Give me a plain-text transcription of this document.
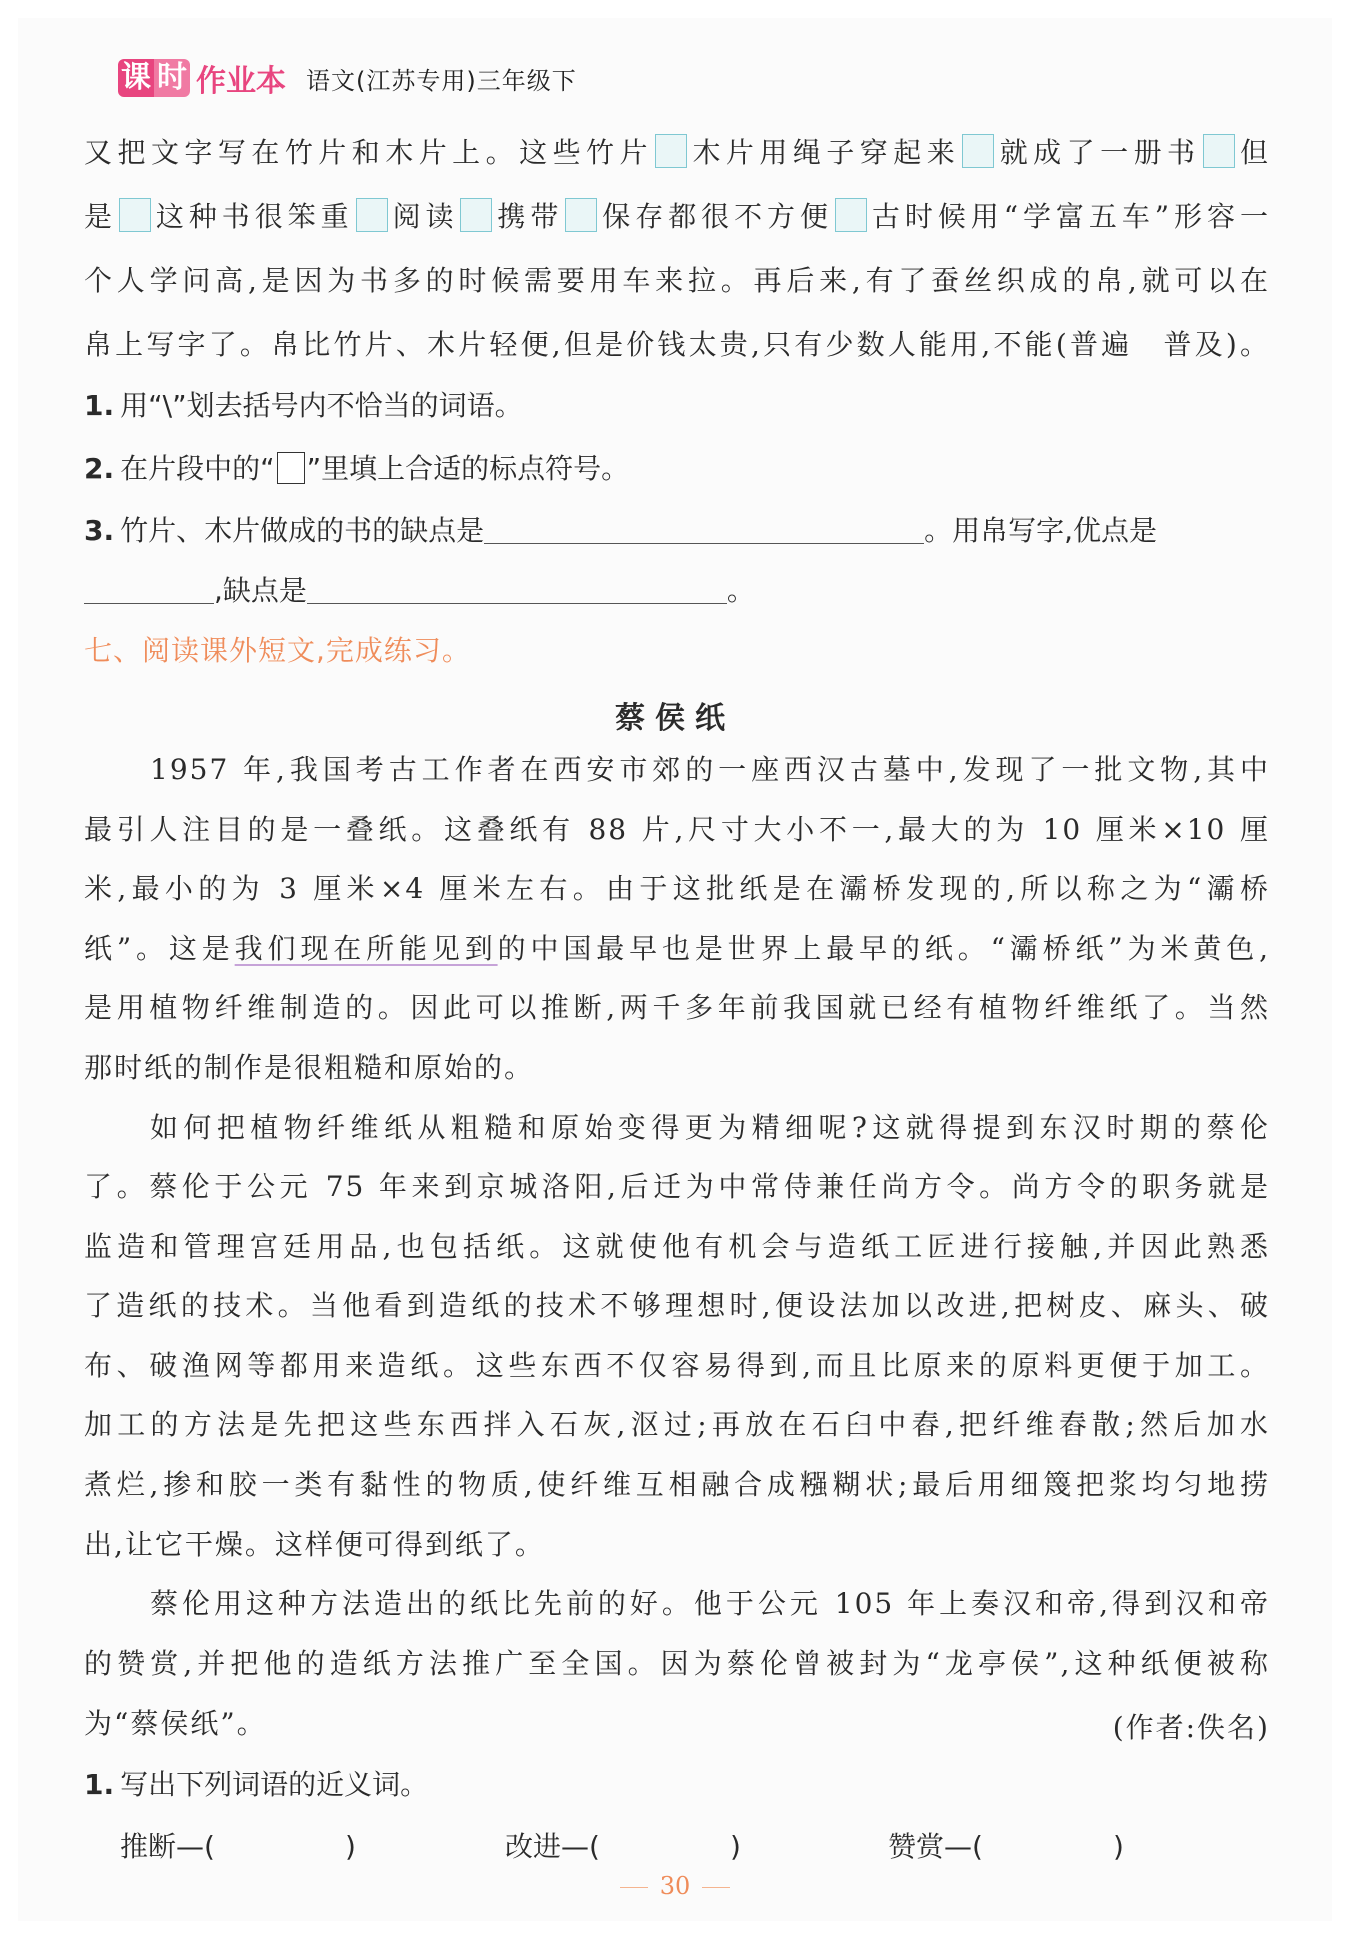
课 时 作业本 语文(江苏专用)三年级下
又把文字写在竹片和木片上。这些竹片 木片用绳子穿起来 就成了一册书 但
是 这种书很笨重 阅读 携带 保存都很不方便 古时候用“学富五车”形容一
个人学问高,是因为书多的时候需要用车来拉。再后来,有了蚕丝织成的帛,就可以在
帛上写字了。帛比竹片、木片轻便,但是价钱太贵,只有少数人能用,不能(普遍　普及)。
1. 用“\”划去括号内不恰当的词语。
2. 在片段中的“ ”里填上合适的标点符号。
3. 竹片、木片做成的书的缺点是	。用帛写字,优点是
,缺点是	。
七、阅读课外短文,完成练习。
蔡侯纸
1957 年,我国考古工作者在西安市郊的一座西汉古墓中,发现了一批文物,其中
最引人注目的是一叠纸。这叠纸有 88 片,尺寸大小不一,最大的为 10 厘米×10 厘
米,最小的为 3 厘米×4 厘米左右。由于这批纸是在灞桥发现的,所以称之为“灞桥
纸”。这是我们现在所能见到的中国最早也是世界上最早的纸。“灞桥纸”为米黄色,
是用植物纤维制造的。因此可以推断,两千多年前我国就已经有植物纤维纸了。当然
那时纸的制作是很粗糙和原始的。
如何把植物纤维纸从粗糙和原始变得更为精细呢?这就得提到东汉时期的蔡伦
了。蔡伦于公元 75 年来到京城洛阳,后迁为中常侍兼任尚方令。尚方令的职务就是
监造和管理宫廷用品,也包括纸。这就使他有机会与造纸工匠进行接触,并因此熟悉
了造纸的技术。当他看到造纸的技术不够理想时,便设法加以改进,把树皮、麻头、破
布、破渔网等都用来造纸。这些东西不仅容易得到,而且比原来的原料更便于加工。
加工的方法是先把这些东西拌入石灰,沤过;再放在石臼中舂,把纤维舂散;然后加水
煮烂,掺和胶一类有黏性的物质,使纤维互相融合成糨糊状;最后用细篾把浆均匀地捞
出,让它干燥。这样便可得到纸了。
蔡伦用这种方法造出的纸比先前的好。他于公元 105 年上奏汉和帝,得到汉和帝
的赞赏,并把他的造纸方法推广至全国。因为蔡伦曾被封为“龙亭侯”,这种纸便被称
为“蔡侯纸”。	(作者:佚名)
1. 写出下列词语的近义词。
推断—(	)	改进—(	)	赞赏—(	)
30
